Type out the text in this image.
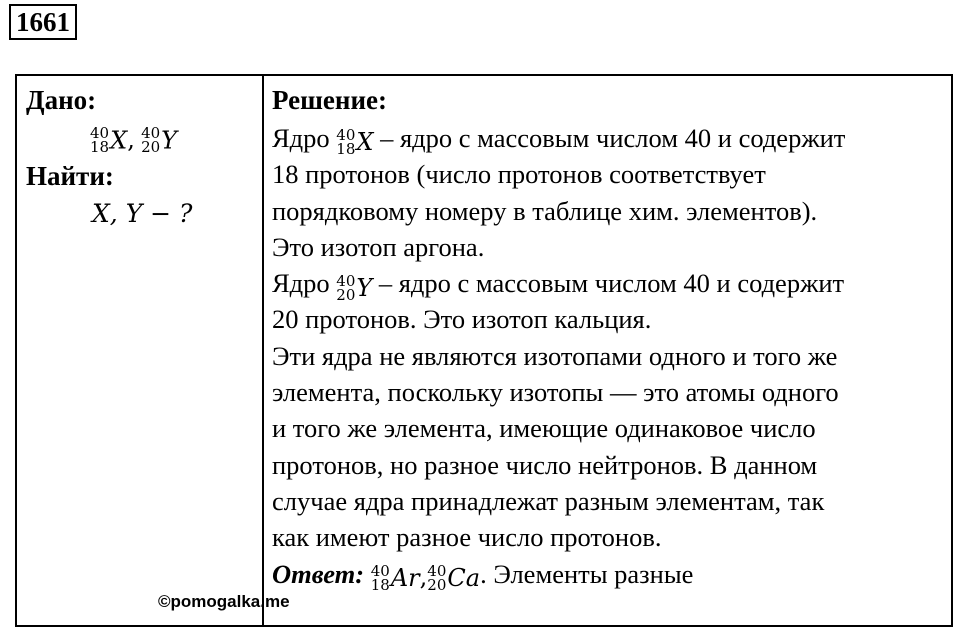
1661
Дано:
40
18 X, 40
20 Y
Найти:
X, Y − ?
Решение:
Ядро 40
18 X – ядро с массовым числом 40 и содержит
18 протонов (число протонов соответствует
порядковому номеру в таблице хим. элементов).
Это изотоп аргона.
Ядро 40
20 Y – ядро с массовым числом 40 и содержит
20 протонов. Это изотоп кальция.
Эти ядра не являются изотопами одного и того же
элемента, поскольку изотопы — это атомы одного
и того же элемента, имеющие одинаковое число
протонов, но разное число нейтронов. В данном
случае ядра принадлежат разным элементам, так
как имеют разное число протонов.
Ответ: 40
18 Ar, 40
20 Ca. Элементы разные
©pomogalka.me
